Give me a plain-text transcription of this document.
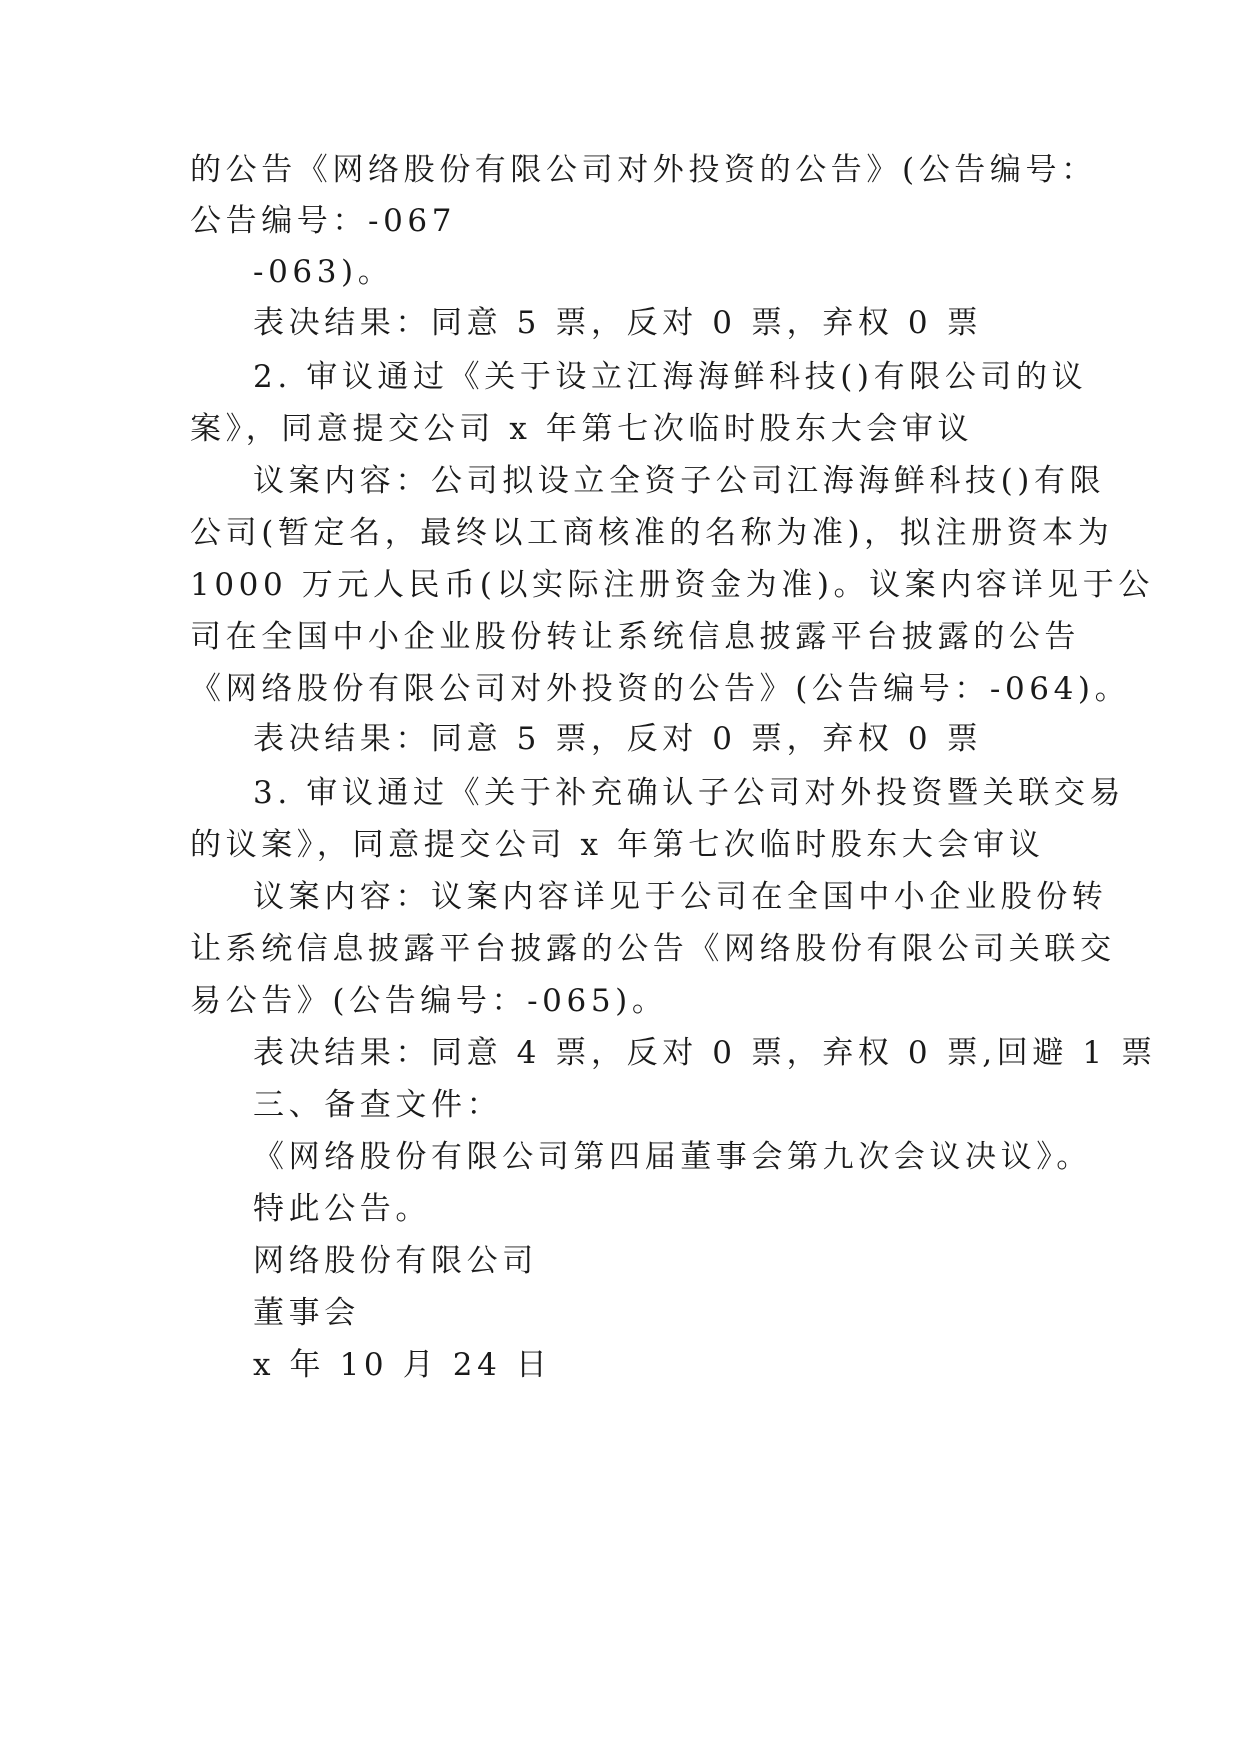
的公告《网络股份有限公司对外投资的公告》(公告编号：
公告编号：-067
-063)。
表决结果：同意 5 票，反对 0 票，弃权 0 票
2. 审议通过《关于设立江海海鲜科技()有限公司的议
案》，同意提交公司 x 年第七次临时股东大会审议
议案内容：公司拟设立全资子公司江海海鲜科技()有限
公司(暂定名，最终以工商核准的名称为准)，拟注册资本为
1000 万元人民币(以实际注册资金为准)。议案内容详见于公
司在全国中小企业股份转让系统信息披露平台披露的公告
《网络股份有限公司对外投资的公告》(公告编号：-064)。
表决结果：同意 5 票，反对 0 票，弃权 0 票
3. 审议通过《关于补充确认子公司对外投资暨关联交易
的议案》，同意提交公司 x 年第七次临时股东大会审议
议案内容：议案内容详见于公司在全国中小企业股份转
让系统信息披露平台披露的公告《网络股份有限公司关联交
易公告》(公告编号：-065)。
表决结果：同意 4 票，反对 0 票，弃权 0 票,回避 1 票
三、备查文件：
《网络股份有限公司第四届董事会第九次会议决议》。
特此公告。
网络股份有限公司
董事会
x 年 10 月 24 日
